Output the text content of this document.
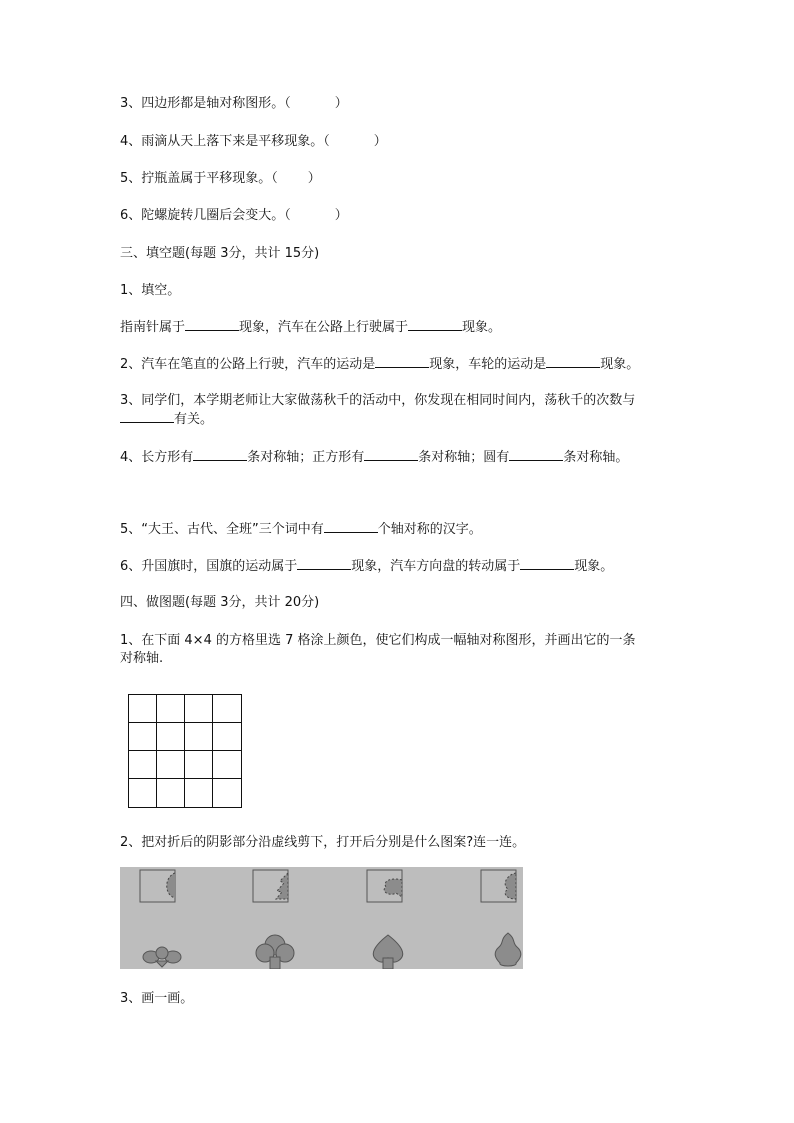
3、四边形都是轴对称图形。（	）
4、雨滴从天上落下来是平移现象。（	）
5、拧瓶盖属于平移现象。（ ）
6、陀螺旋转几圈后会变大。（	）
三、填空题(每题 3分，共计 15分)
1、填空。
指南针属于	现象，汽车在公路上行驶属于	现象。
2、汽车在笔直的公路上行驶，汽车的运动是	现象，车轮的运动是	现象。
3、同学们，本学期老师让大家做荡秋千的活动中，你发现在相同时间内，荡秋千的次数与
有关。
4、长方形有	条对称轴；正方形有	条对称轴；圆有	条对称轴。
5、“大王、古代、全班”三个词中有	个轴对称的汉字。
6、升国旗时，国旗的运动属于	现象，汽车方向盘的转动属于	现象。
四、做图题(每题 3分，共计 20分)
1、在下面 4×4 的方格里选 7 格涂上颜色，使它们构成一幅轴对称图形，并画出它的一条
对称轴.
2、把对折后的阴影部分沿虚线剪下，打开后分别是什么图案?连一连。
3、画一画。
